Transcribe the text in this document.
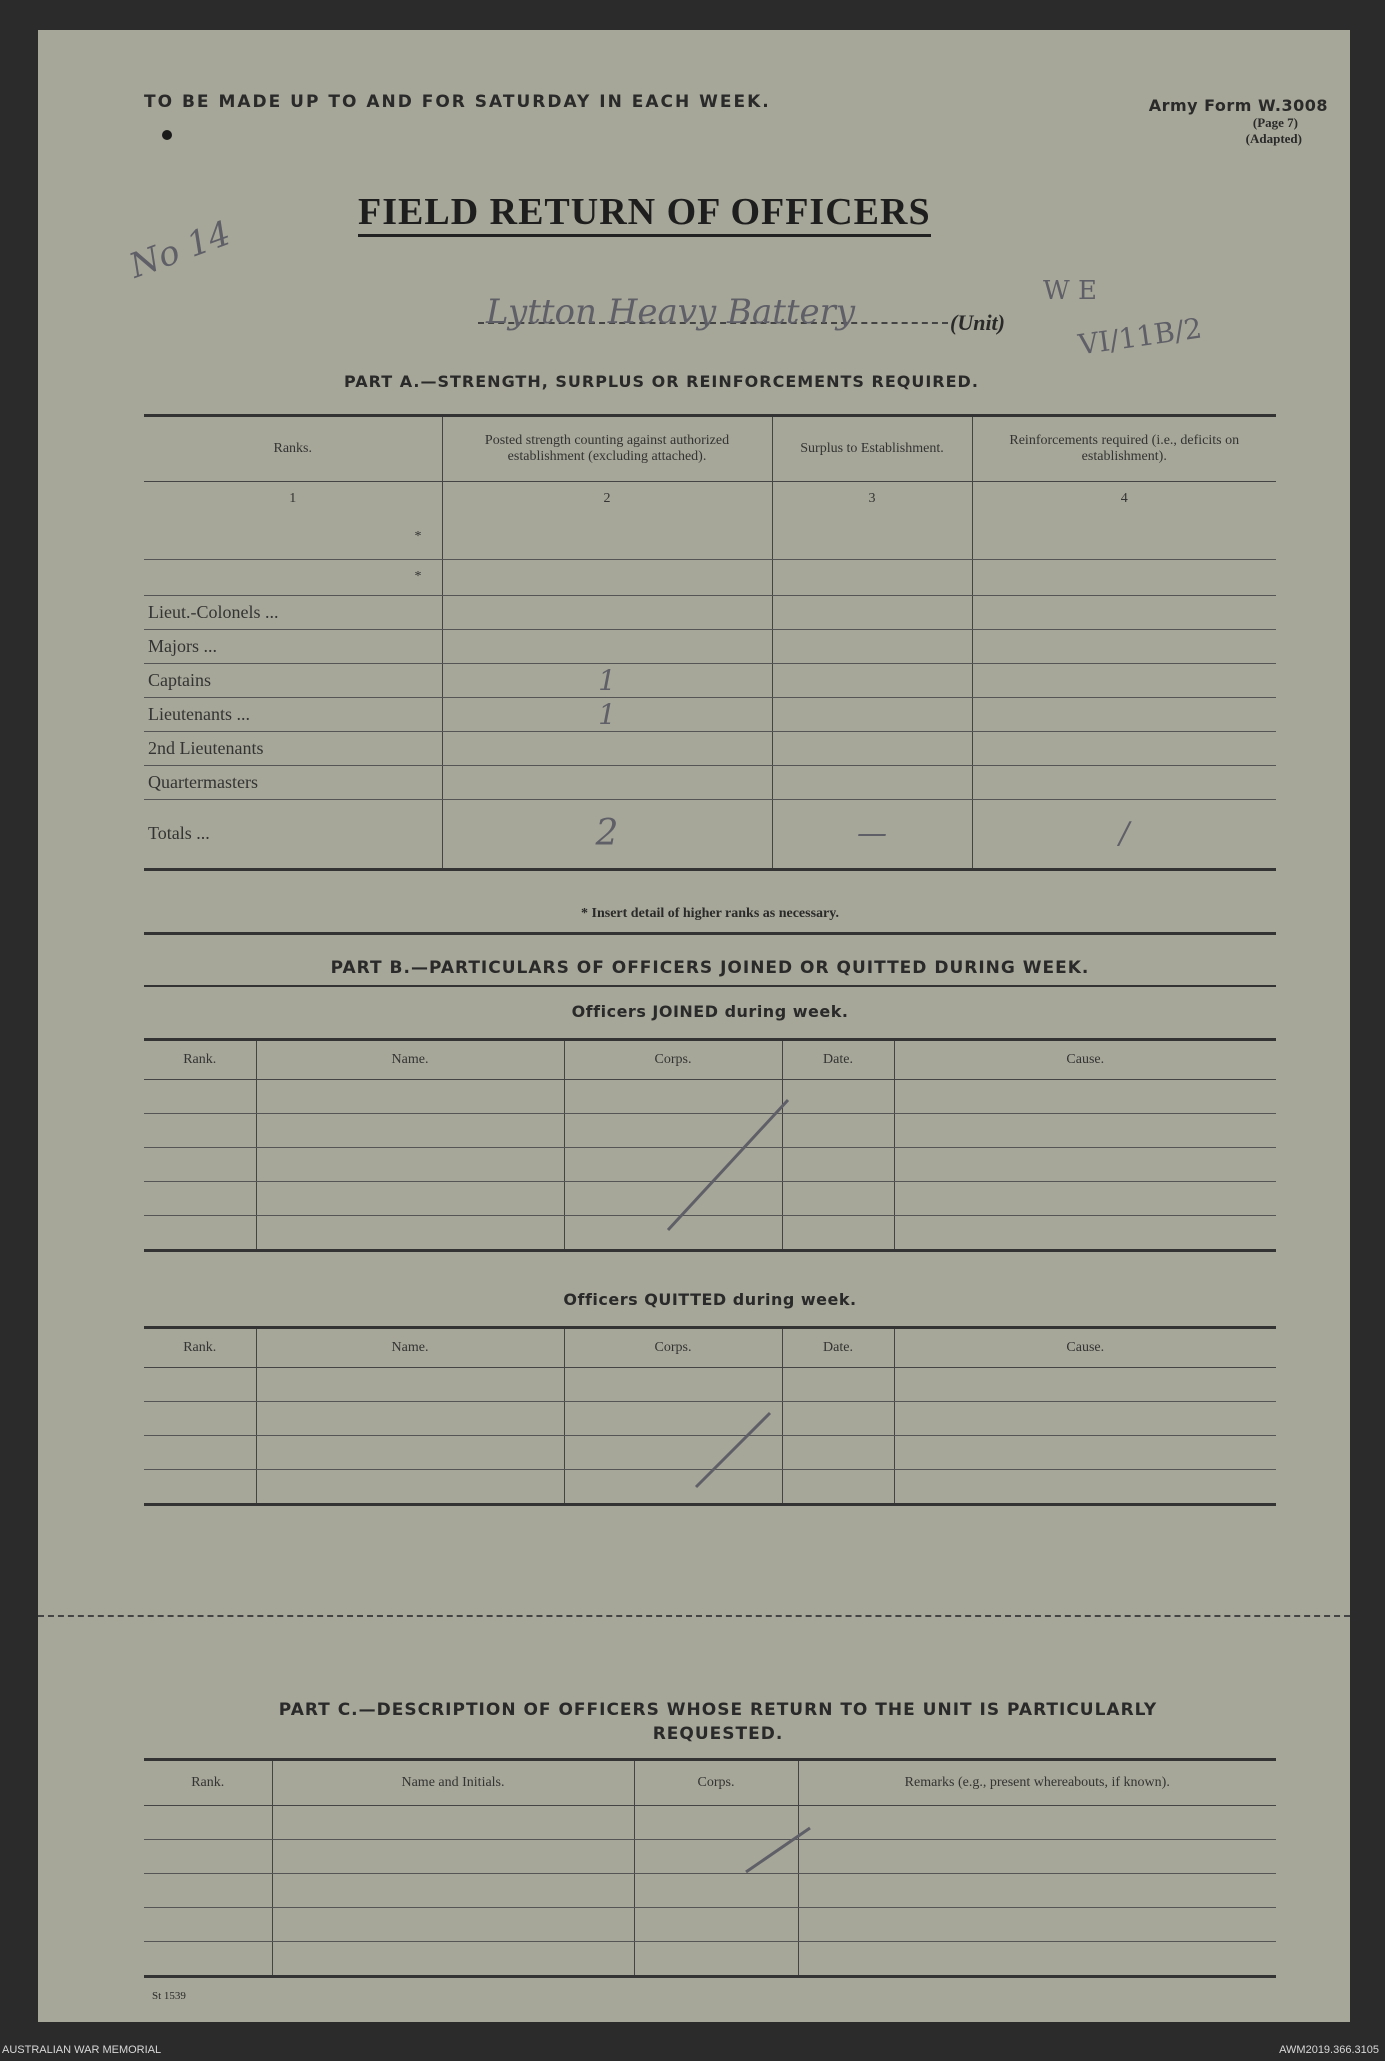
TO BE MADE UP TO AND FOR SATURDAY IN EACH WEEK.	Army Form W.3008
(Page 7)
(Adapted)
FIELD RETURN OF OFFICERS
No 14
Lytton Heavy Battery	(Unit)
W E
VI/11B/2
PART A.—STRENGTH, SURPLUS OR REINFORCEMENTS REQUIRED.
1	2	3	4
Ranks.	Posted strength counting against authorized establishment (excluding attached).	Surplus to Establishment.	Reinforcements required (i.e., deficits on establishment).
*			
*			
Lieut.-Colonels ...			
Majors ...			
Captains	1		
Lieutenants ...	1		
2nd Lieutenants			
Quartermasters			
Totals ...	2	—	/
* Insert detail of higher ranks as necessary.
PART B.—PARTICULARS OF OFFICERS JOINED OR QUITTED DURING WEEK.
Officers JOINED during week.
Rank.	Name.	Corps.	Date.	Cause.

Officers QUITTED during week.
Rank.	Name.	Corps.	Date.	Cause.

PART C.—DESCRIPTION OF OFFICERS WHOSE RETURN TO THE UNIT IS PARTICULARLY REQUESTED.
Rank.	Name and Initials.	Corps.	Remarks (e.g., present whereabouts, if known).

St 1539
AUSTRALIAN WAR MEMORIAL	AWM2019.366.3105
